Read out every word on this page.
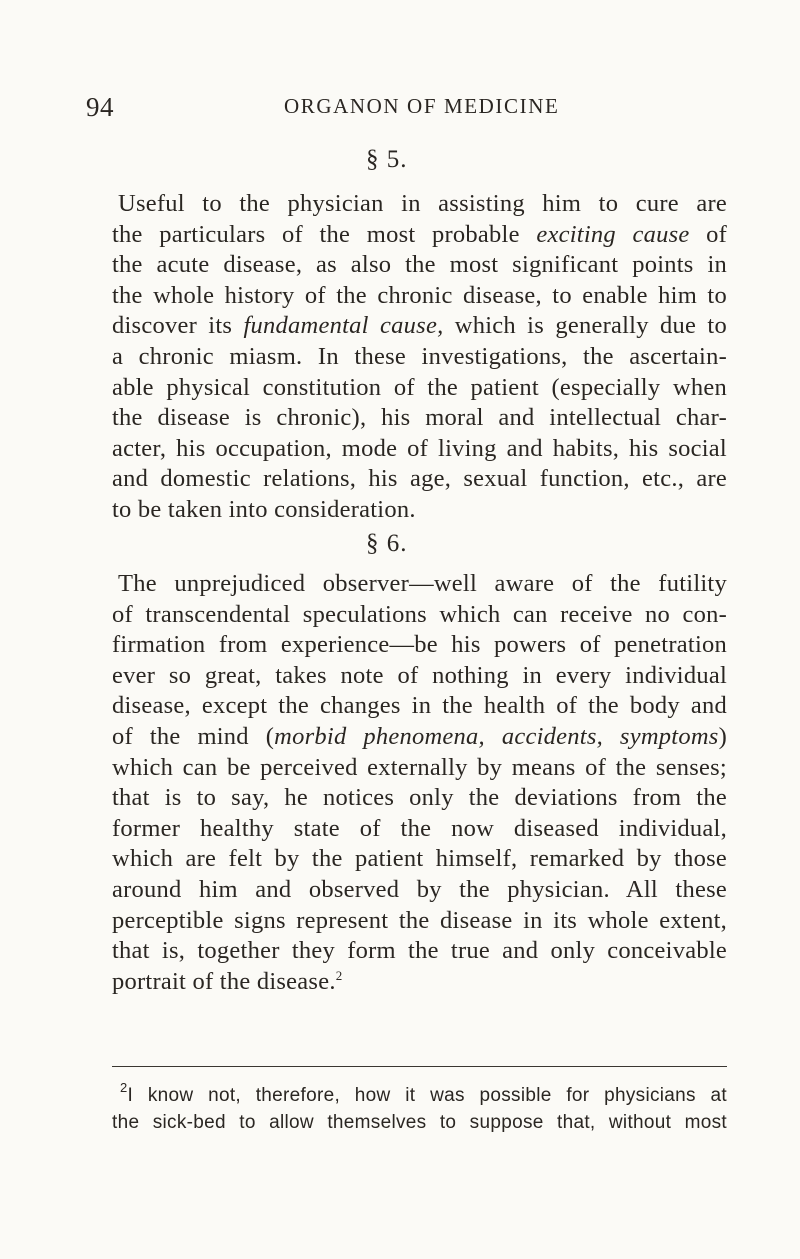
94	ORGANON OF MEDICINE
§ 5.
Useful to the physician in assisting him to cure are
the particulars of the most probable exciting cause of
the acute disease, as also the most significant points in
the whole history of the chronic disease, to enable him to
discover its fundamental cause, which is generally due to
a chronic miasm. In these investigations, the ascertain-
able physical constitution of the patient (especially when
the disease is chronic), his moral and intellectual char-
acter, his occupation, mode of living and habits, his social
and domestic relations, his age, sexual function, etc., are
to be taken into consideration.
§ 6.
The unprejudiced observer—well aware of the futility
of transcendental speculations which can receive no con-
firmation from experience—be his powers of penetration
ever so great, takes note of nothing in every individual
disease, except the changes in the health of the body and
of the mind (morbid phenomena, accidents, symptoms)
which can be perceived externally by means of the senses;
that is to say, he notices only the deviations from the
former healthy state of the now diseased individual,
which are felt by the patient himself, remarked by those
around him and observed by the physician. All these
perceptible signs represent the disease in its whole extent,
that is, together they form the true and only conceivable
portrait of the disease.$^2$
$^2$I know not, therefore, how it was possible for physicians at
the sick-bed to allow themselves to suppose that, without most
